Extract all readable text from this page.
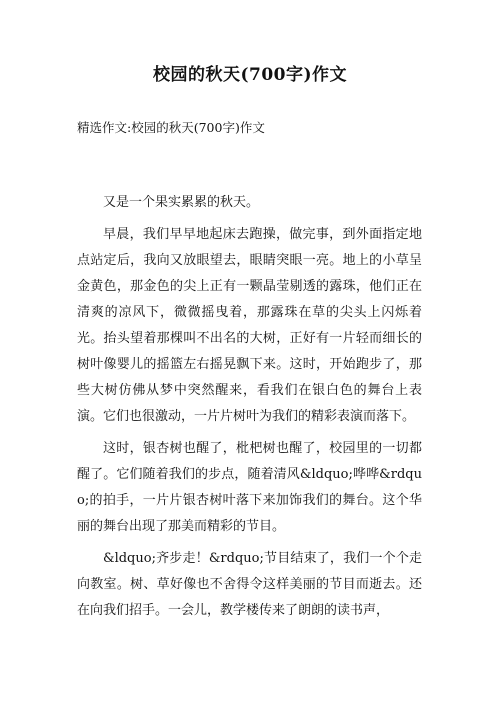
校园的秋天(700字)作文
精选作文:校园的秋天(700字)作文

又是一个果实累累的秋天。

早晨，我们早早地起床去跑操，做完事，到外面指定地点站定后，我向又放眼望去，眼睛突眼一亮。地上的小草呈金黄色，那金色的尖上正有一颗晶莹剔透的露珠，他们正在清爽的凉风下，微微摇曳着，那露珠在草的尖头上闪烁着光。抬头望着那棵叫不出名的大树，正好有一片轻而细长的树叶像婴儿的摇篮左右摇晃飘下来。这时，开始跑步了，那些大树仿佛从梦中突然醒来，看我们在银白色的舞台上表演。它们也很激动，一片片树叶为我们的精彩表演而落下。

这时，银杏树也醒了，枇杷树也醒了，校园里的一切都醒了。它们随着我们的步点，随着清风&ldquo;哗哗&rdquo;的拍手，一片片银杏树叶落下来加饰我们的舞台。这个华丽的舞台出现了那美而精彩的节目。

&ldquo;齐步走！&rdquo;节目结束了，我们一个个走向教室。树、草好像也不舍得令这样美丽的节目而逝去。还在向我们招手。一会儿，教学楼传来了朗朗的读书声，
